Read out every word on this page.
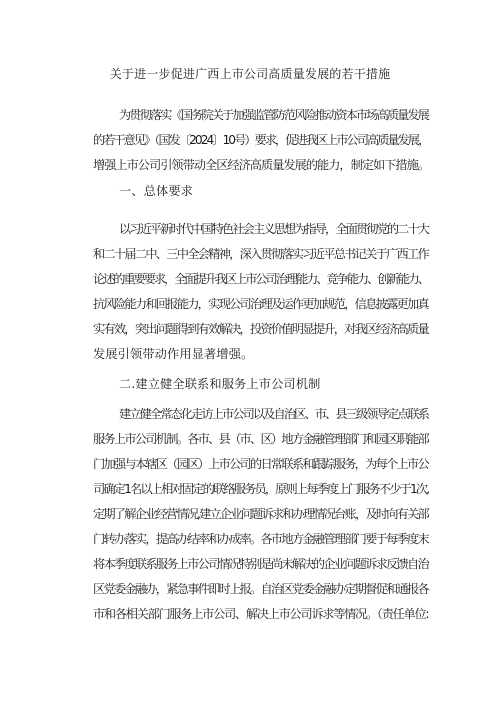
关于进一步促进广西上市公司高质量发展的若干措施
为贯彻落实《国务院关于加强监管防范风险推动资本市场高质量发展
的若干意见》（国发〔2024〕10号）要求，促进我区上市公司高质量发展，
增强上市公司引领带动全区经济高质量发展的能力，制定如下措施。
一、总体要求
以习近平新时代中国特色社会主义思想为指导，全面贯彻党的二十大
和二十届二中、三中全会精神，深入贯彻落实习近平总书记关于广西工作
论述的重要要求，全面提升我区上市公司治理能力、竞争能力、创新能力、
抗风险能力和回报能力，实现公司治理及运作更加规范，信息披露更加真
实有效，突出问题得到有效解决，投资价值明显提升，对我区经济高质量
发展引领带动作用显著增强。
二.建立健全联系和服务上市公司机制
建立健全常态化走访上市公司以及自治区、市、县三级领导定点联系
服务上市公司机制。各市、县（市、区）地方金融管理部门和园区职能部
门加强与本辖区（园区）上市公司的日常联系和跟踪服务，为每个上市公
司确定1名以上相对固定的联络服务员，原则上每季度上门服务不少于1次,
定期了解企业经营情况,建立企业问题诉求和办理情况台账，及时向有关部
门转办落实，提高办结率和办成率。各市地方金融管理部门要于每季度末
将本季度联系服务上市公司情况特别是尚未解决的企业问题诉求反馈自治
区党委金融办，紧急事件即时上报。自治区党委金融办定期督促和通报各
市和各相关部门服务上市公司、解决上市公司诉求等情况。（责任单位:
